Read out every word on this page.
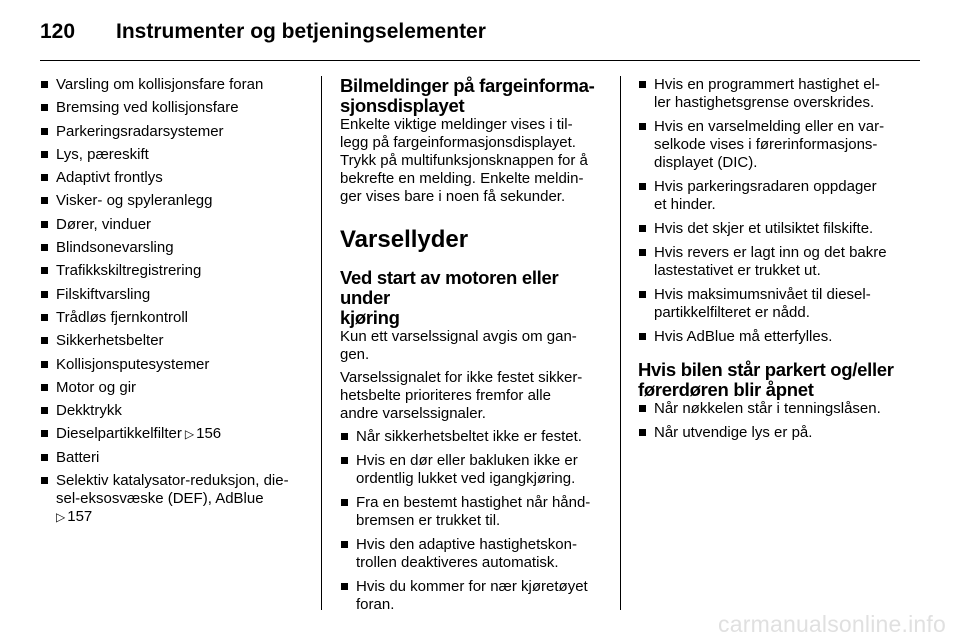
120 Instrumenter og betjeningselementer
Varsling om kollisjonsfare foran
Bremsing ved kollisjonsfare
Parkeringsradarsystemer
Lys, pæreskift
Adaptivt frontlys
Visker- og spyleranlegg
Dører, vinduer
Blindsonevarsling
Trafikkskiltregistrering
Filskiftvarsling
Trådløs fjernkontroll
Sikkerhetsbelter
Kollisjonsputesystemer
Motor og gir
Dekktrykk
Dieselpartikkelfilter ▷ 156
Batteri
Selektiv katalysator-reduksjon, die-
sel-eksosvæske (DEF), AdBlue
▷ 157
Bilmeldinger på fargeinforma-
sjonsdisplayet

Enkelte viktige meldinger vises i til-
legg på fargeinformasjonsdisplayet.
Trykk på multifunksjonsknappen for å
bekrefte en melding. Enkelte meldin-
ger vises bare i noen få sekunder.

Varsellyder
Ved start av motoren eller under
kjøring

Kun ett varselssignal avgis om gan-
gen.

Varselssignalet for ikke festet sikker-
hetsbelte prioriteres fremfor alle
andre varselssignaler.

Når sikkerhetsbeltet ikke er festet.
Hvis en dør eller bakluken ikke er
ordentlig lukket ved igangkjøring.
Fra en bestemt hastighet når hånd-
bremsen er trukket til.
Hvis den adaptive hastighetskon-
trollen deaktiveres automatisk.
Hvis du kommer for nær kjøretøyet
foran.
Hvis en programmert hastighet el-
ler hastighetsgrense overskrides.
Hvis en varselmelding eller en var-
selkode vises i førerinformasjons-
displayet (DIC).
Hvis parkeringsradaren oppdager
et hinder.
Hvis det skjer et utilsiktet filskifte.
Hvis revers er lagt inn og det bakre
lastestativet er trukket ut.
Hvis maksimumsnivået til diesel-
partikkelfilteret er nådd.
Hvis AdBlue må etterfylles.
Hvis bilen står parkert og/eller
førerdøren blir åpnet
Når nøkkelen står i tenningslåsen.
Når utvendige lys er på.
carmanualsonline.info
